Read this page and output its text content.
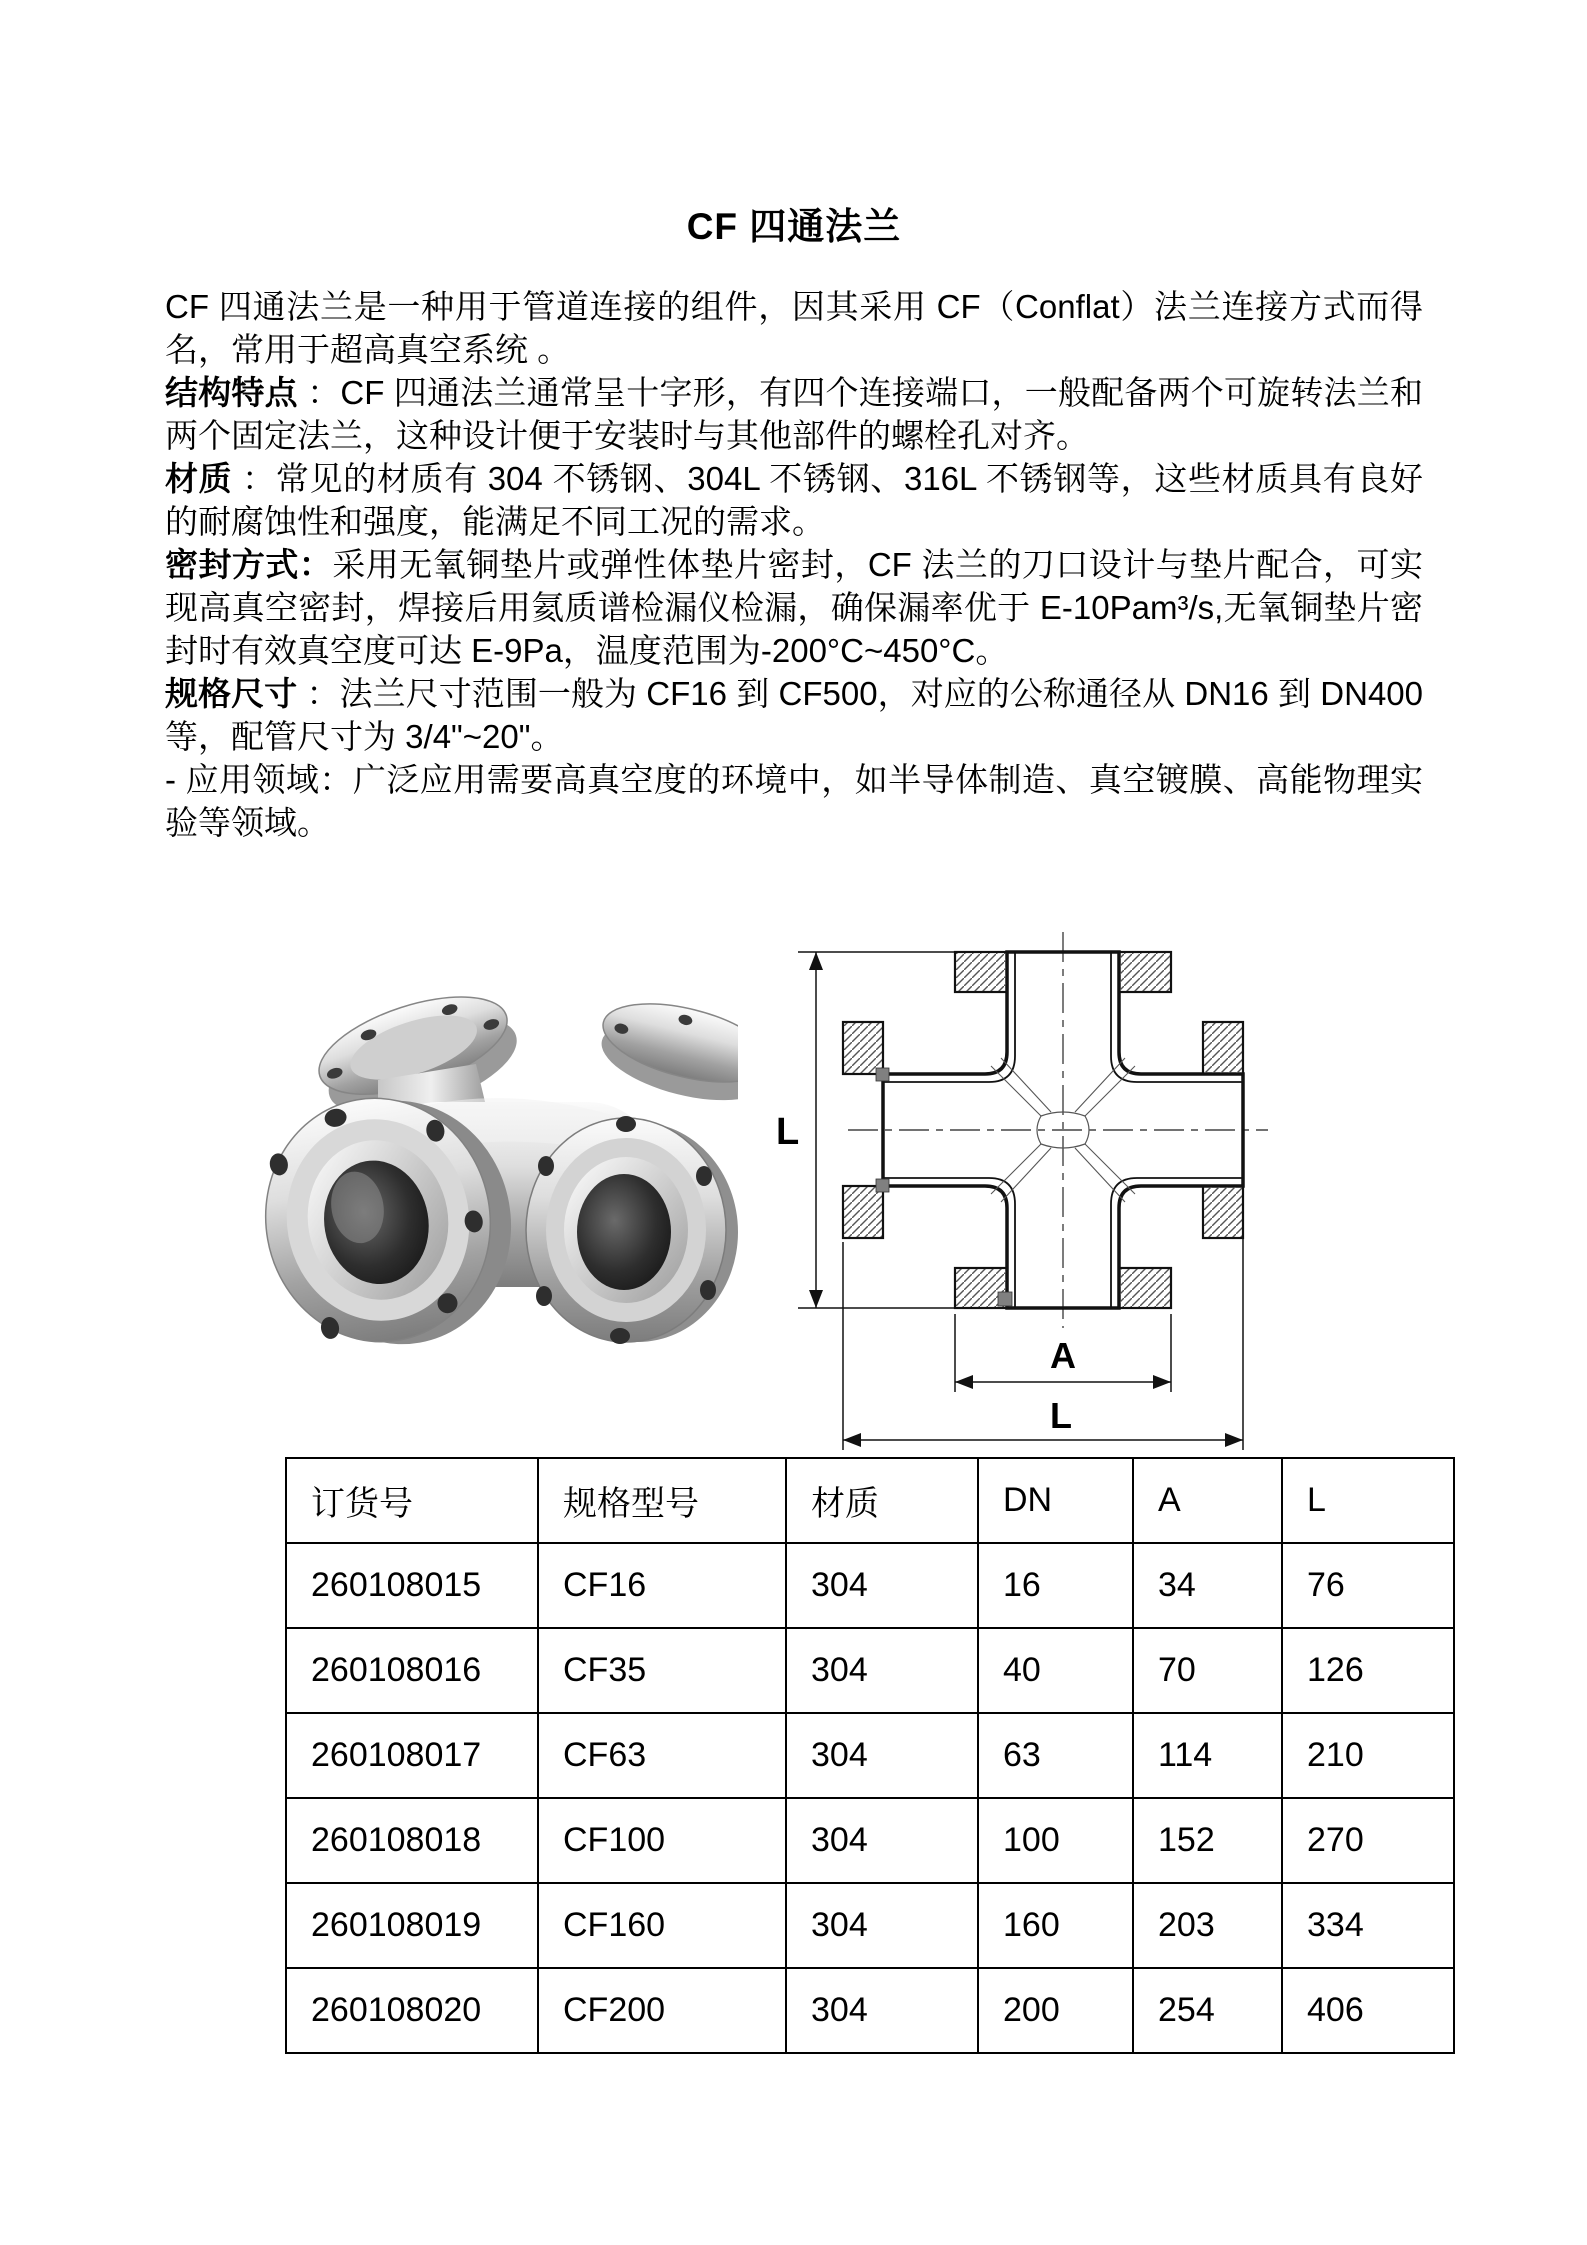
CF 四通法兰

CF 四通法兰是一种用于管道连接的组件，因其采用 CF（Conflat）法兰连接方式而得名，常用于超高真空系统 。

结构特点 ：CF 四通法兰通常呈十字形，有四个连接端口，一般配备两个可旋转法兰和两个固定法兰，这种设计便于安装时与其他部件的螺栓孔对齐。

材质 ：常见的材质有 304 不锈钢、304L 不锈钢、316L 不锈钢等，这些材质具有良好的耐腐蚀性和强度，能满足不同工况的需求。

密封方式：采用无氧铜垫片或弹性体垫片密封，CF 法兰的刀口设计与垫片配合，可实现高真空密封，焊接后用氦质谱检漏仪检漏，确保漏率优于 E-10Pam³/s,无氧铜垫片密封时有效真空度可达 E-9Pa，温度范围为-200°C~450°C。

规格尺寸 ：法兰尺寸范围一般为 CF16 到 CF500，对应的公称通径从 DN16 到 DN400 等，配管尺寸为 3/4"~20"。

- 应用领域：广泛应用需要高真空度的环境中，如半导体制造、真空镀膜、高能物理实验等领域。

L
A
L
订货号	规格型号	材质	DN	A	L
260108015	CF16	304	16	34	76
260108016	CF35	304	40	70	126
260108017	CF63	304	63	114	210
260108018	CF100	304	100	152	270
260108019	CF160	304	160	203	334
260108020	CF200	304	200	254	406
